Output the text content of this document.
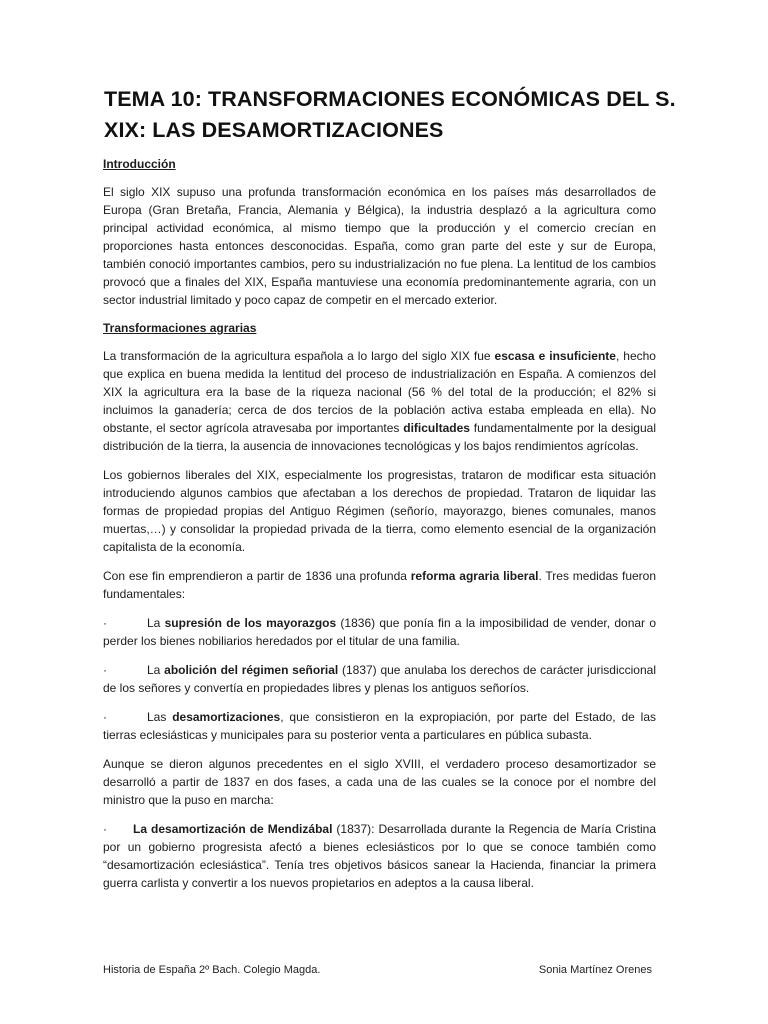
TEMA 10: TRANSFORMACIONES ECONÓMICAS DEL S. XIX: LAS DESAMORTIZACIONES
Introducción

El siglo XIX supuso una profunda transformación económica en los países más desarrollados de Europa (Gran Bretaña, Francia, Alemania y Bélgica), la industria desplazó a la agricultura como principal actividad económica, al mismo tiempo que la producción y el comercio crecían en proporciones hasta entonces desconocidas. España, como gran parte del este y sur de Europa, también conoció importantes cambios, pero su industrialización no fue plena. La lentitud de los cambios provocó que a finales del XIX, España mantuviese una economía predominantemente agraria, con un sector industrial limitado y poco capaz de competir en el mercado exterior.

Transformaciones agrarias

La transformación de la agricultura española a lo largo del siglo XIX fue escasa e insuficiente, hecho que explica en buena medida la lentitud del proceso de industrialización en España. A comienzos del XIX la agricultura era la base de la riqueza nacional (56 % del total de la producción; el 82% si incluimos la ganadería; cerca de dos tercios de la población activa estaba empleada en ella). No obstante, el sector agrícola atravesaba por importantes dificultades fundamentalmente por la desigual distribución de la tierra, la ausencia de innovaciones tecnológicas y los bajos rendimientos agrícolas.

Los gobiernos liberales del XIX, especialmente los progresistas, trataron de modificar esta situación introduciendo algunos cambios que afectaban a los derechos de propiedad. Trataron de liquidar las formas de propiedad propias del Antiguo Régimen (señorío, mayorazgo, bienes comunales, manos muertas,…) y consolidar la propiedad privada de la tierra, como elemento esencial de la organización capitalista de la economía.

Con ese fin emprendieron a partir de 1836 una profunda reforma agraria liberal. Tres medidas fueron fundamentales:

·	La supresión de los mayorazgos (1836) que ponía fin a la imposibilidad de vender, donar o perder los bienes nobiliarios heredados por el titular de una familia.

·	La abolición del régimen señorial (1837) que anulaba los derechos de carácter jurisdiccional de los señores y convertía en propiedades libres y plenas los antiguos señoríos.

·	Las desamortizaciones, que consistieron en la expropiación, por parte del Estado, de las tierras eclesiásticas y municipales para su posterior venta a particulares en pública subasta.

Aunque se dieron algunos precedentes en el siglo XVIII, el verdadero proceso desamortizador se desarrolló a partir de 1837 en dos fases, a cada una de las cuales se la conoce por el nombre del ministro que la puso en marcha:

· La desamortización de Mendizábal (1837): Desarrollada durante la Regencia de María Cristina por un gobierno progresista afectó a bienes eclesiásticos por lo que se conoce también como “desamortización eclesiástica”. Tenía tres objetivos básicos sanear la Hacienda, financiar la primera guerra carlista y convertir a los nuevos propietarios en adeptos a la causa liberal.

Historia de España 2º Bach. Colegio Magda.	Sonia Martínez Orenes
